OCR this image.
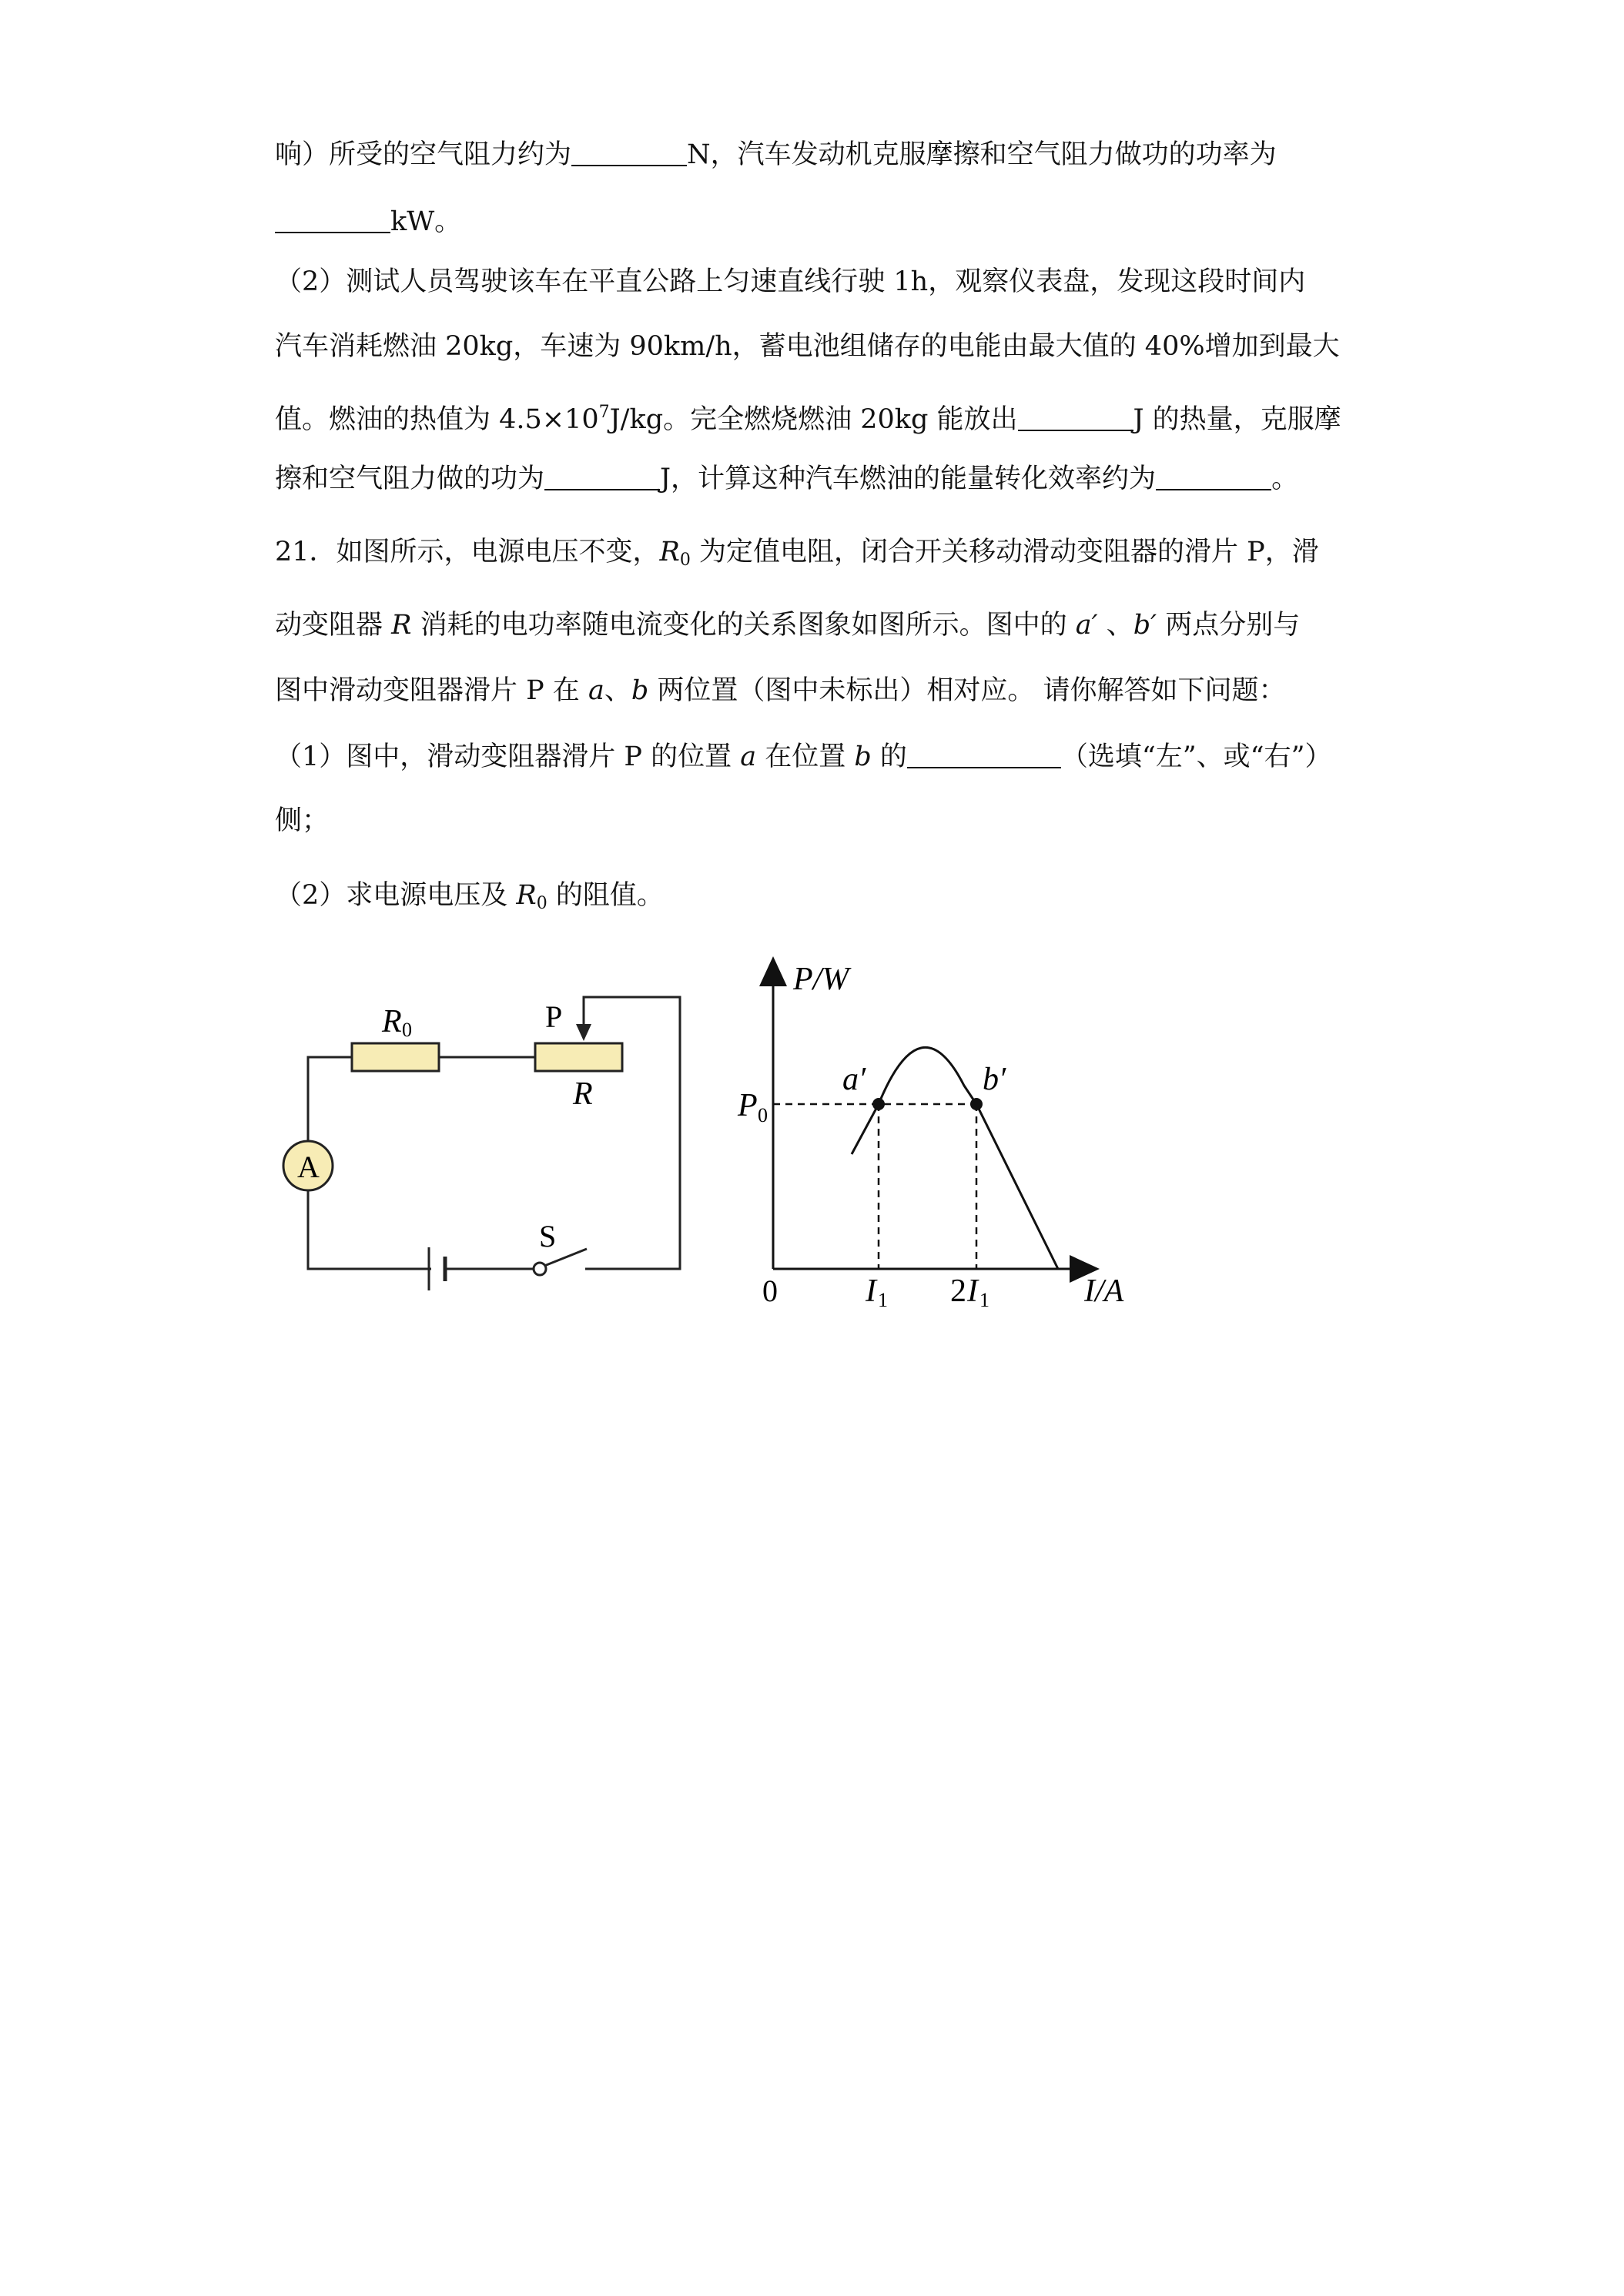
响）所受的空气阻力约为	N，汽车发动机克服摩擦和空气阻力做功的功率为
kW。
（2）测试人员驾驶该车在平直公路上匀速直线行驶 1h，观察仪表盘，发现这段时间内
汽车消耗燃油 20kg，车速为 90km/h，蓄电池组储存的电能由最大值的 40%增加到最大
值。燃油的热值为 $4.5\times 10^7J/kg$。完全燃烧燃油 20kg 能放出	J 的热量，克服摩
擦和空气阻力做的功为	J，计算这种汽车燃油的能量转化效率约为	。
21．如图所示，电源电压不变，$R_0$ 为定值电阻，闭合开关移动滑动变阻器的滑片 P，滑
动变阻器 R 消耗的电功率随电流变化的关系图象如图所示。图中的 a′ 、b′ 两点分别与
图中滑动变阻器滑片 P 在 a、b 两位置（图中未标出）相对应。 请你解答如下问题：
（1）图中，滑动变阻器滑片 P 的位置 a 在位置 b 的	（选填“左”、或“右”）
侧；
（2）求电源电压及 $R_0$ 的阻值。
R 0	P
R
A
S
P/W
I/A
0
P 0
I 1 2 I 1
a′	b′
